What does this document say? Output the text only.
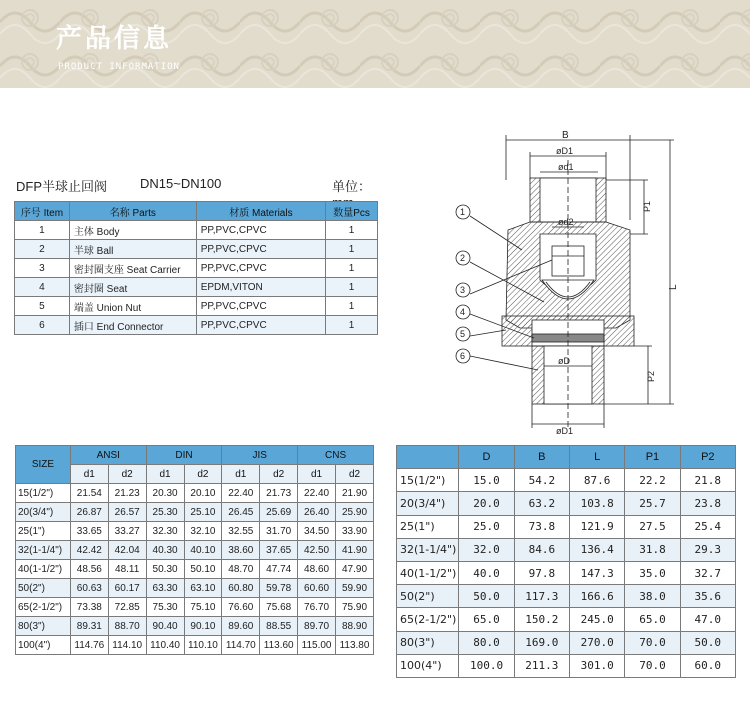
产品信息
PRODUCT INFORMATION
DFP半球止回阀	DN15~DN100	单位：
序号 Item	名称 Parts	材质 Materials	数量Pcs
1	主体 Body	PP,PVC,CPVC	1
2	半球 Ball	PP,PVC,CPVC	1
3	密封圈支座 Seat Carrier	PP,PVC,CPVC	1
4	密封圈 Seat	EPDM,VITON	1
5	端盖 Union Nut	PP,PVC,CPVC	1
6	插口 End Connector	PP,PVC,CPVC	1
B
øD1
ød1
ød2
øD
øD1
P1
L
P2
1
2
3
4
5
6
SIZE	ANSI		DIN		JIS		CNS	
	d1	d2	d1	d2	d1	d2	d1	d2
15(1/2")	21.54	21.23	20.30	20.10	22.40	21.73	22.40	21.90
20(3/4")	26.87	26.57	25.30	25.10	26.45	25.69	26.40	25.90
25(1")	33.65	33.27	32.30	32.10	32.55	31.70	34.50	33.90
32(1-1/4")	42.42	42.04	40.30	40.10	38.60	37.65	42.50	41.90
40(1-1/2")	48.56	48.11	50.30	50.10	48.70	47.74	48.60	47.90
50(2")	60.63	60.17	63.30	63.10	60.80	59.78	60.60	59.90
65(2-1/2")	73.38	72.85	75.30	75.10	76.60	75.68	76.70	75.90
80(3")	89.31	88.70	90.40	90.10	89.60	88.55	89.70	88.90
100(4")	114.76	114.10	110.40	110.10	114.70	113.60	115.00	113.80
	D	B	L	P1	P2
15(1/2")	15.0	54.2	87.6	22.2	21.8
20(3/4")	20.0	63.2	103.8	25.7	23.8
25(1")	25.0	73.8	121.9	27.5	25.4
32(1-1/4")	32.0	84.6	136.4	31.8	29.3
40(1-1/2")	40.0	97.8	147.3	35.0	32.7
50(2")	50.0	117.3	166.6	38.0	35.6
65(2-1/2")	65.0	150.2	245.0	65.0	47.0
80(3")	80.0	169.0	270.0	70.0	50.0
100(4")	100.0	211.3	301.0	70.0	60.0
